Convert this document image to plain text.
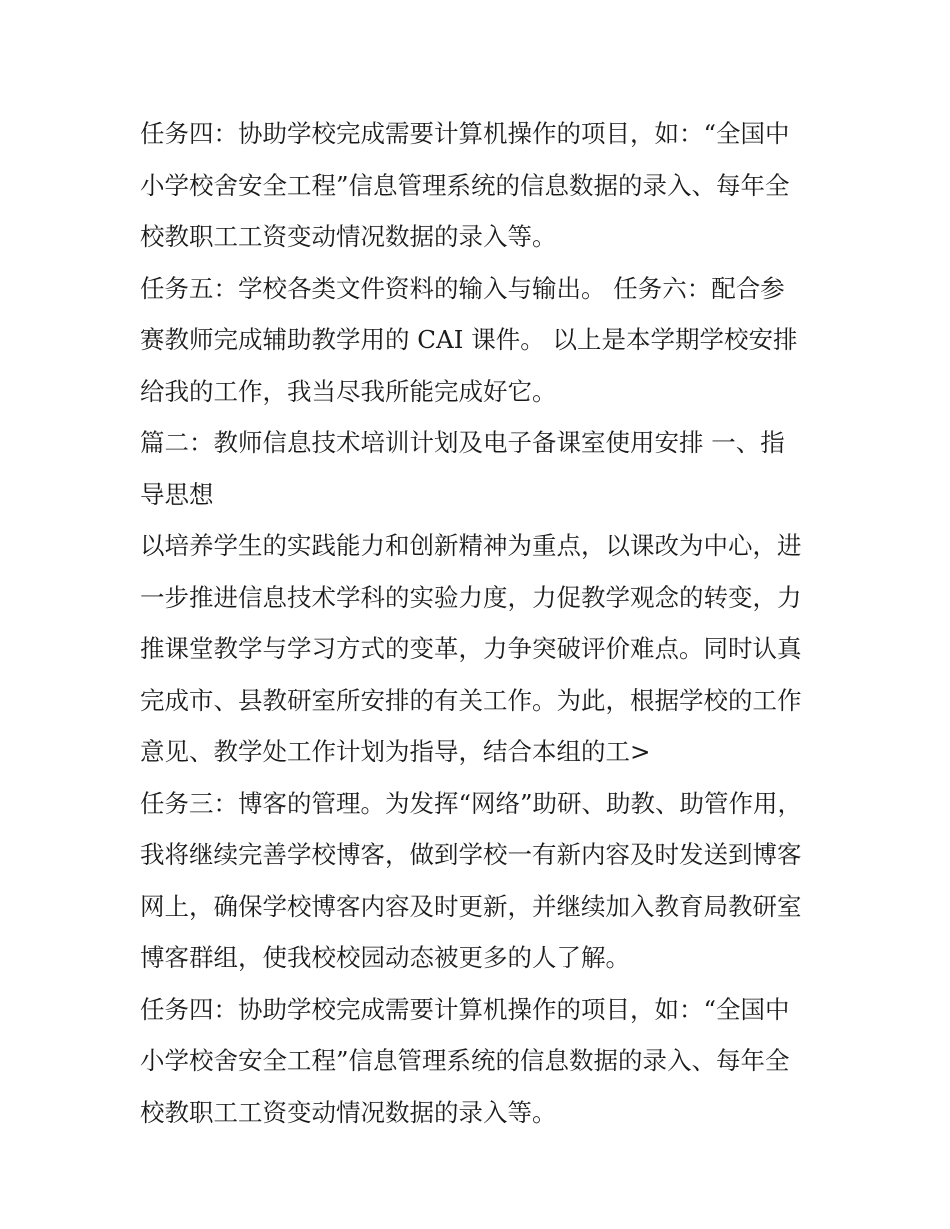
任务四：协助学校完成需要计算机操作的项目，如：“全国中
小学校舍安全工程”信息管理系统的信息数据的录入、每年全
校教职工工资变动情况数据的录入等。

任务五：学校各类文件资料的输入与输出。 任务六：配合参
赛教师完成辅助教学用的 CAI 课件。 以上是本学期学校安排
给我的工作，我当尽我所能完成好它。

篇二：教师信息技术培训计划及电子备课室使用安排 一、指
导思想

以培养学生的实践能力和创新精神为重点，以课改为中心，进
一步推进信息技术学科的实验力度，力促教学观念的转变，力
推课堂教学与学习方式的变革，力争突破评价难点。同时认真
完成市、县教研室所安排的有关工作。为此，根据学校的工作
意见、教学处工作计划为指导，结合本组的工>

任务三：博客的管理。为发挥“网络”助研、助教、助管作用，
我将继续完善学校博客，做到学校一有新内容及时发送到博客
网上，确保学校博客内容及时更新，并继续加入教育局教研室
博客群组，使我校校园动态被更多的人了解。

任务四：协助学校完成需要计算机操作的项目，如：“全国中
小学校舍安全工程”信息管理系统的信息数据的录入、每年全
校教职工工资变动情况数据的录入等。
